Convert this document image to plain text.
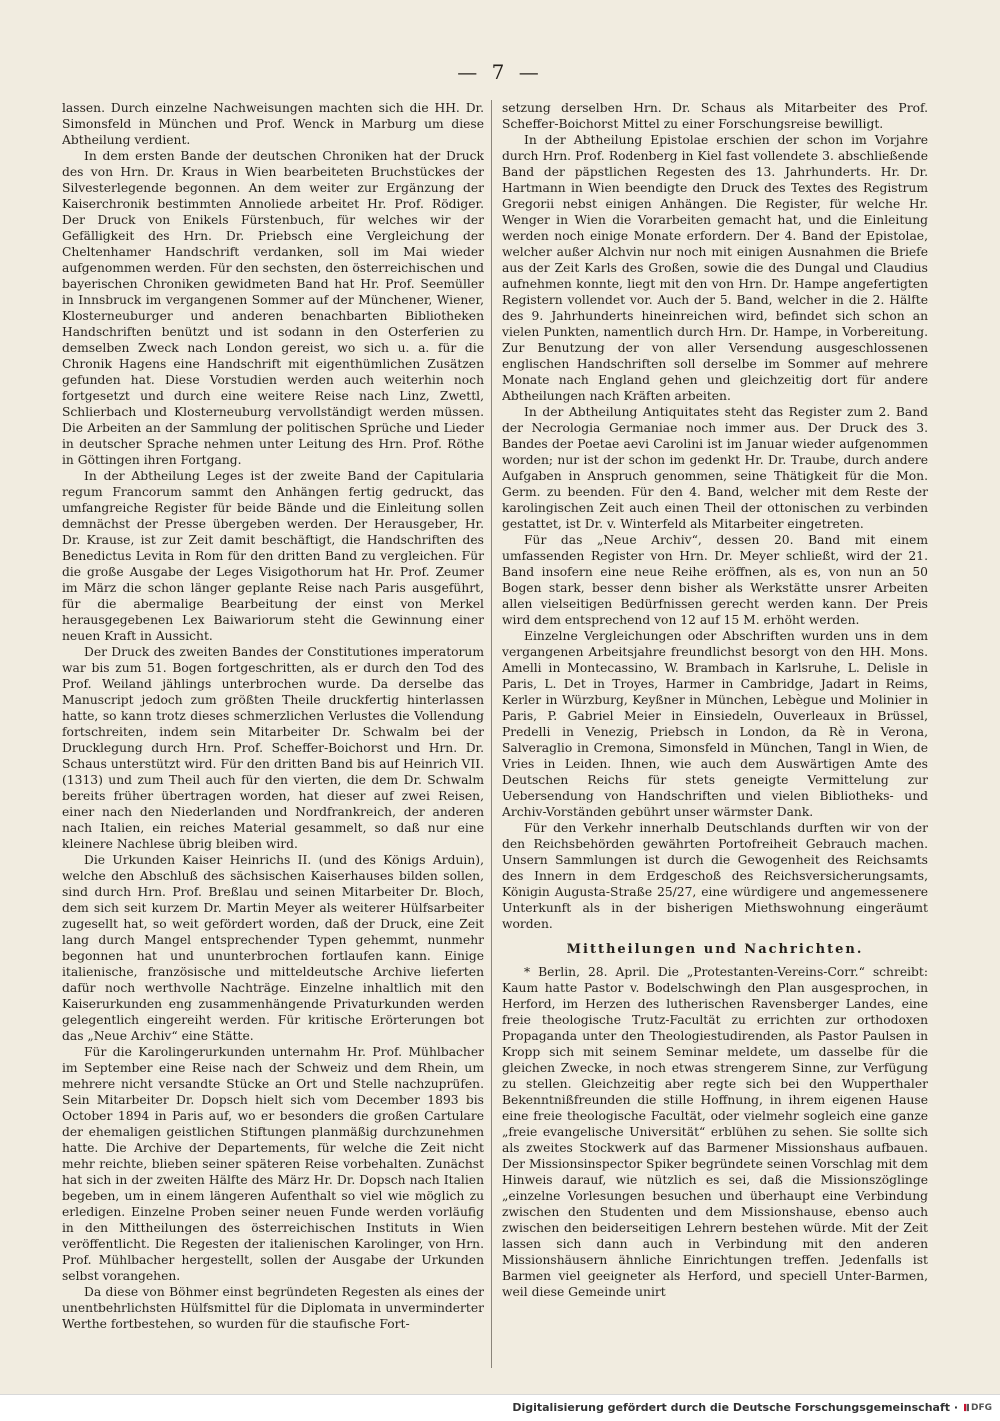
— 7 —

lassen. Durch einzelne Nachweisungen machten sich die HH. Dr. Simonsfeld in München und Prof. Wenck in Marburg um diese Abtheilung verdient.

In dem ersten Bande der deutschen Chroniken hat der Druck des von Hrn. Dr. Kraus in Wien bearbeiteten Bruchstückes der Silvesterlegende begonnen. An dem weiter zur Ergänzung der Kaiserchronik bestimmten Annoliede arbeitet Hr. Prof. Rödiger. Der Druck von Enikels Fürstenbuch, für welches wir der Gefälligkeit des Hrn. Dr. Priebsch eine Vergleichung der Cheltenhamer Handschrift verdanken, soll im Mai wieder aufgenommen werden. Für den sechsten, den österreichischen und bayerischen Chroniken gewidmeten Band hat Hr. Prof. Seemüller in Innsbruck im vergangenen Sommer auf der Münchener, Wiener, Klosterneuburger und anderen benachbarten Bibliotheken Handschriften benützt und ist sodann in den Osterferien zu demselben Zweck nach London gereist, wo sich u. a. für die Chronik Hagens eine Handschrift mit eigenthümlichen Zusätzen gefunden hat. Diese Vorstudien werden auch weiterhin noch fortgesetzt und durch eine weitere Reise nach Linz, Zwettl, Schlierbach und Klosterneuburg vervollständigt werden müssen. Die Arbeiten an der Sammlung der politischen Sprüche und Lieder in deutscher Sprache nehmen unter Leitung des Hrn. Prof. Röthe in Göttingen ihren Fortgang.

In der Abtheilung Leges ist der zweite Band der Capitularia regum Francorum sammt den Anhängen fertig gedruckt, das umfangreiche Register für beide Bände und die Einleitung sollen demnächst der Presse übergeben werden. Der Herausgeber, Hr. Dr. Krause, ist zur Zeit damit beschäftigt, die Handschriften des Benedictus Levita in Rom für den dritten Band zu vergleichen. Für die große Ausgabe der Leges Visigothorum hat Hr. Prof. Zeumer im März die schon länger geplante Reise nach Paris ausgeführt, für die abermalige Bearbeitung der einst von Merkel herausgegebenen Lex Baiwariorum steht die Gewinnung einer neuen Kraft in Aussicht.

Der Druck des zweiten Bandes der Constitutiones imperatorum war bis zum 51. Bogen fortgeschritten, als er durch den Tod des Prof. Weiland jählings unterbrochen wurde. Da derselbe das Manuscript jedoch zum größten Theile druckfertig hinterlassen hatte, so kann trotz dieses schmerzlichen Verlustes die Vollendung fortschreiten, indem sein Mitarbeiter Dr. Schwalm bei der Drucklegung durch Hrn. Prof. Scheffer-Boichorst und Hrn. Dr. Schaus unterstützt wird. Für den dritten Band bis auf Heinrich VII. (1313) und zum Theil auch für den vierten, die dem Dr. Schwalm bereits früher übertragen worden, hat dieser auf zwei Reisen, einer nach den Niederlanden und Nordfrankreich, der anderen nach Italien, ein reiches Material gesammelt, so daß nur eine kleinere Nachlese übrig bleiben wird.

Die Urkunden Kaiser Heinrichs II. (und des Königs Arduin), welche den Abschluß des sächsischen Kaiserhauses bilden sollen, sind durch Hrn. Prof. Breßlau und seinen Mitarbeiter Dr. Bloch, dem sich seit kurzem Dr. Martin Meyer als weiterer Hülfsarbeiter zugesellt hat, so weit gefördert worden, daß der Druck, eine Zeit lang durch Mangel entsprechender Typen gehemmt, nunmehr begonnen hat und ununterbrochen fortlaufen kann. Einige italienische, französische und mitteldeutsche Archive lieferten dafür noch werthvolle Nachträge. Einzelne inhaltlich mit den Kaiserurkunden eng zusammenhängende Privaturkunden werden gelegentlich eingereiht werden. Für kritische Erörterungen bot das „Neue Archiv“ eine Stätte.

Für die Karolingerurkunden unternahm Hr. Prof. Mühlbacher im September eine Reise nach der Schweiz und dem Rhein, um mehrere nicht versandte Stücke an Ort und Stelle nachzuprüfen. Sein Mitarbeiter Dr. Dopsch hielt sich vom December 1893 bis October 1894 in Paris auf, wo er besonders die großen Cartulare der ehemaligen geistlichen Stiftungen planmäßig durchzunehmen hatte. Die Archive der Departements, für welche die Zeit nicht mehr reichte, blieben seiner späteren Reise vorbehalten. Zunächst hat sich in der zweiten Hälfte des März Hr. Dr. Dopsch nach Italien begeben, um in einem längeren Aufenthalt so viel wie möglich zu erledigen. Einzelne Proben seiner neuen Funde werden vorläufig in den Mittheilungen des österreichischen Instituts in Wien veröffentlicht. Die Regesten der italienischen Karolinger, von Hrn. Prof. Mühlbacher hergestellt, sollen der Ausgabe der Urkunden selbst vorangehen.

Da diese von Böhmer einst begründeten Regesten als eines der unentbehrlichsten Hülfsmittel für die Diplomata in unverminderter Werthe fortbestehen, so wurden für die staufische Fort-

setzung derselben Hrn. Dr. Schaus als Mitarbeiter des Prof. Scheffer-Boichorst Mittel zu einer Forschungsreise bewilligt.

In der Abtheilung Epistolae erschien der schon im Vorjahre durch Hrn. Prof. Rodenberg in Kiel fast vollendete 3. abschließende Band der päpstlichen Regesten des 13. Jahrhunderts. Hr. Dr. Hartmann in Wien beendigte den Druck des Textes des Registrum Gregorii nebst einigen Anhängen. Die Register, für welche Hr. Wenger in Wien die Vorarbeiten gemacht hat, und die Einleitung werden noch einige Monate erfordern. Der 4. Band der Epistolae, welcher außer Alchvin nur noch mit einigen Ausnahmen die Briefe aus der Zeit Karls des Großen, sowie die des Dungal und Claudius aufnehmen konnte, liegt mit den von Hrn. Dr. Hampe angefertigten Registern vollendet vor. Auch der 5. Band, welcher in die 2. Hälfte des 9. Jahrhunderts hineinreichen wird, befindet sich schon an vielen Punkten, namentlich durch Hrn. Dr. Hampe, in Vorbereitung. Zur Benutzung der von aller Versendung ausgeschlossenen englischen Handschriften soll derselbe im Sommer auf mehrere Monate nach England gehen und gleichzeitig dort für andere Abtheilungen nach Kräften arbeiten.

In der Abtheilung Antiquitates steht das Register zum 2. Band der Necrologia Germaniae noch immer aus. Der Druck des 3. Bandes der Poetae aevi Carolini ist im Januar wieder aufgenommen worden; nur ist der schon im gedenkt Hr. Dr. Traube, durch andere Aufgaben in Anspruch genommen, seine Thätigkeit für die Mon. Germ. zu beenden. Für den 4. Band, welcher mit dem Reste der karolingischen Zeit auch einen Theil der ottonischen zu verbinden gestattet, ist Dr. v. Winterfeld als Mitarbeiter eingetreten.

Für das „Neue Archiv“, dessen 20. Band mit einem umfassenden Register von Hrn. Dr. Meyer schließt, wird der 21. Band insofern eine neue Reihe eröffnen, als es, von nun an 50 Bogen stark, besser denn bisher als Werkstätte unsrer Arbeiten allen vielseitigen Bedürfnissen gerecht werden kann. Der Preis wird dem entsprechend von 12 auf 15 M. erhöht werden.

Einzelne Vergleichungen oder Abschriften wurden uns in dem vergangenen Arbeitsjahre freundlichst besorgt von den HH. Mons. Amelli in Montecassino, W. Brambach in Karlsruhe, L. Delisle in Paris, L. Det in Troyes, Harmer in Cambridge, Jadart in Reims, Kerler in Würzburg, Keyßner in München, Lebègue und Molinier in Paris, P. Gabriel Meier in Einsiedeln, Ouverleaux in Brüssel, Predelli in Venezig, Priebsch in London, da Rè in Verona, Salveraglio in Cremona, Simonsfeld in München, Tangl in Wien, de Vries in Leiden. Ihnen, wie auch dem Auswärtigen Amte des Deutschen Reichs für stets geneigte Vermittelung zur Uebersendung von Handschriften und vielen Bibliotheks- und Archiv-Vorständen gebührt unser wärmster Dank.

Für den Verkehr innerhalb Deutschlands durften wir von der den Reichsbehörden gewährten Portofreiheit Gebrauch machen. Unsern Sammlungen ist durch die Gewogenheit des Reichsamts des Innern in dem Erdgeschoß des Reichsversicherungsamts, Königin Augusta-Straße 25/27, eine würdigere und angemessenere Unterkunft als in der bisherigen Miethswohnung eingeräumt worden.

Mittheilungen und Nachrichten.

* Berlin, 28. April. Die „Protestanten-Vereins-Corr.“ schreibt: Kaum hatte Pastor v. Bodelschwingh den Plan ausgesprochen, in Herford, im Herzen des lutherischen Ravensberger Landes, eine freie theologische Trutz-Facultät zu errichten zur orthodoxen Propaganda unter den Theologiestudirenden, als Pastor Paulsen in Kropp sich mit seinem Seminar meldete, um dasselbe für die gleichen Zwecke, in noch etwas strengerem Sinne, zur Verfügung zu stellen. Gleichzeitig aber regte sich bei den Wupperthaler Bekenntnißfreunden die stille Hoffnung, in ihrem eigenen Hause eine freie theologische Facultät, oder vielmehr sogleich eine ganze „freie evangelische Universität“ erblühen zu sehen. Sie sollte sich als zweites Stockwerk auf das Barmener Missionshaus aufbauen. Der Missionsinspector Spiker begründete seinen Vorschlag mit dem Hinweis darauf, wie nützlich es sei, daß die Missionszöglinge „einzelne Vorlesungen besuchen und überhaupt eine Verbindung zwischen den Studenten und dem Missionshause, ebenso auch zwischen den beiderseitigen Lehrern bestehen würde. Mit der Zeit lassen sich dann auch in Verbindung mit den anderen Missionshäusern ähnliche Einrichtungen treffen. Jedenfalls ist Barmen viel geeigneter als Herford, und speciell Unter-Barmen, weil diese Gemeinde unirt

Digitalisierung gefördert durch die Deutsche Forschungsgemeinschaft · DFG
